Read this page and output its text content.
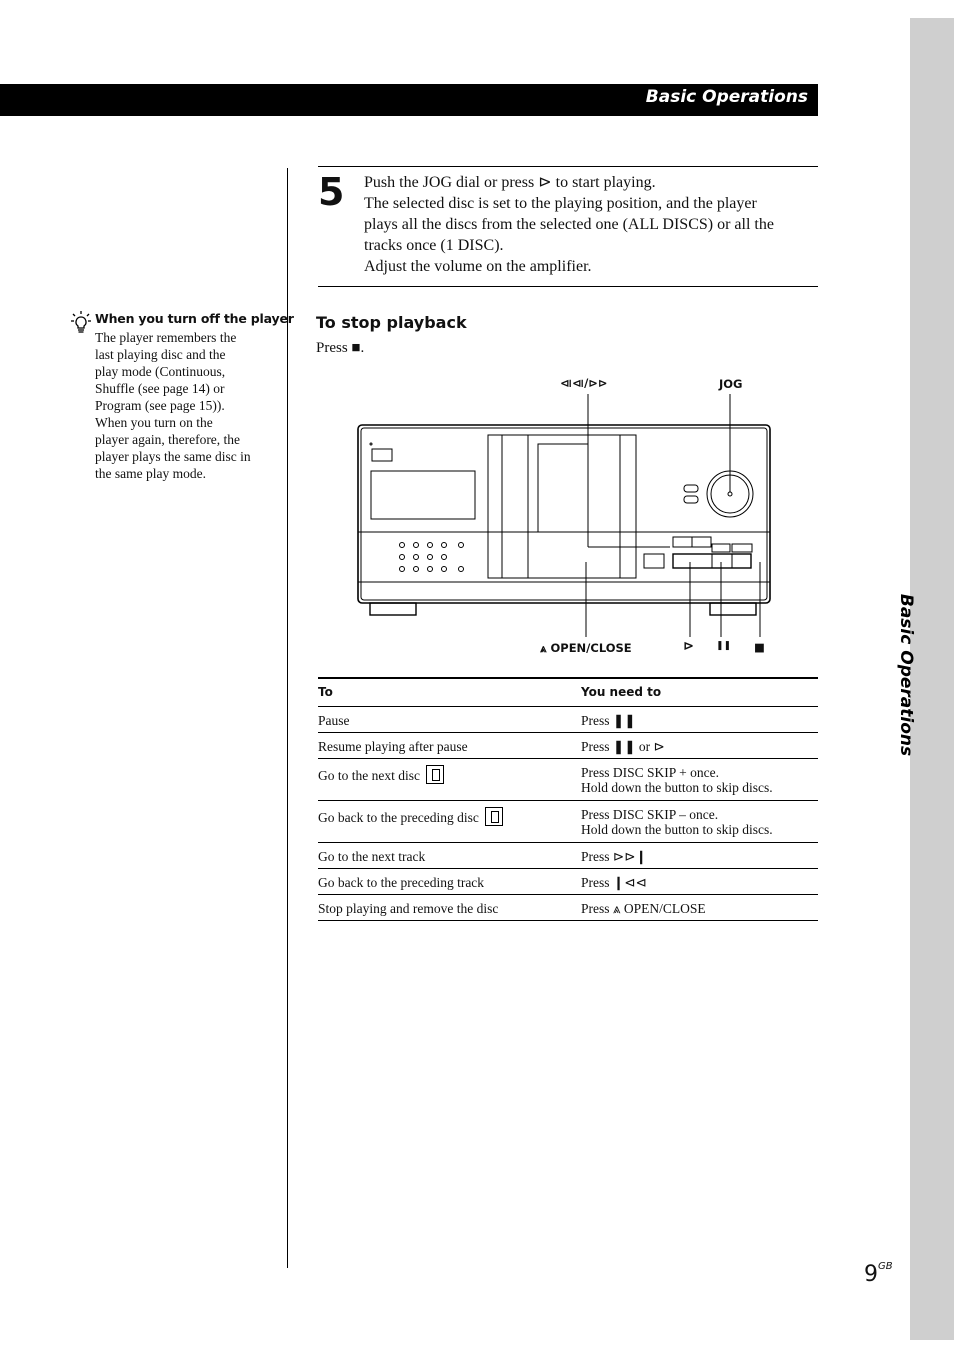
Basic Operations
Basic Operations
5 Push the JOG dial or press ⊳ to start playing.
The selected disc is set to the playing position, and the player
plays all the discs from the selected one (ALL DISCS) or all the
tracks once (1 DISC).
Adjust the volume on the amplifier.
When you turn off the player
The player remembers the
last playing disc and the
play mode (Continuous,
Shuffle (see page 14) or
Program (see page 15)).
When you turn on the
player again, therefore, the
player plays the same disc in
the same play mode.
To stop playback
Press ■.
⧏⧏/⊳⊳	JOG
⩓ OPEN/CLOSE	⊳ ❚❚ ■
To	You need to
Pause	Press ❚❚
Resume playing after pause	Press ❚❚ or ⊳
Go to the next disc	Press DISC SKIP + once.
Hold down the button to skip discs.
Go back to the preceding disc	Press DISC SKIP – once.
Hold down the button to skip discs.
Go to the next track	Press ⊳⊳❙
Go back to the preceding track	Press ❙⊲⊲
Stop playing and remove the disc	Press ⩓ OPEN/CLOSE
$9^{GB}$
